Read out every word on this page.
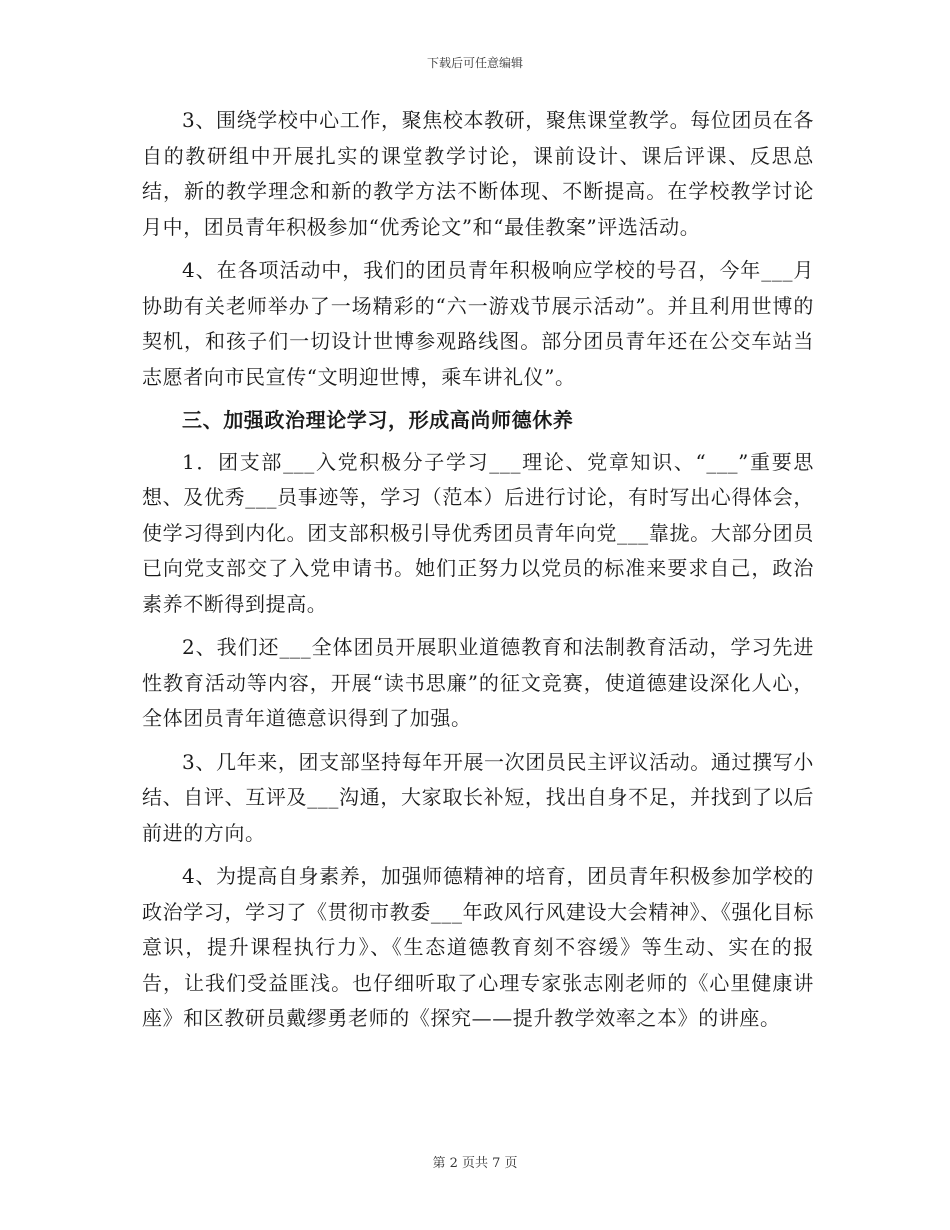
下载后可任意编辑

3、围绕学校中心工作，聚焦校本教研，聚焦课堂教学。每位团员在各自的教研组中开展扎实的课堂教学讨论，课前设计、课后评课、反思总结，新的教学理念和新的教学方法不断体现、不断提高。在学校教学讨论月中，团员青年积极参加“优秀论文”和“最佳教案”评选活动。

4、在各项活动中，我们的团员青年积极响应学校的号召，今年___月协助有关老师举办了一场精彩的“六一游戏节展示活动”。并且利用世博的契机，和孩子们一切设计世博参观路线图。部分团员青年还在公交车站当志愿者向市民宣传“文明迎世博，乘车讲礼仪”。

三、加强政治理论学习，形成高尚师德休养

1．团支部___入党积极分子学习___理论、党章知识、“___”重要思想、及优秀___员事迹等，学习（范本）后进行讨论，有时写出心得体会，使学习得到内化。团支部积极引导优秀团员青年向党___靠拢。大部分团员已向党支部交了入党申请书。她们正努力以党员的标准来要求自己，政治素养不断得到提高。

2、我们还___全体团员开展职业道德教育和法制教育活动，学习先进性教育活动等内容，开展“读书思廉”的征文竞赛，使道德建设深化人心，全体团员青年道德意识得到了加强。

3、几年来，团支部坚持每年开展一次团员民主评议活动。通过撰写小结、自评、互评及___沟通，大家取长补短，找出自身不足，并找到了以后前进的方向。

4、为提高自身素养，加强师德精神的培育，团员青年积极参加学校的政治学习，学习了《贯彻市教委___年政风行风建设大会精神》、《强化目标意识，提升课程执行力》、《生态道德教育刻不容缓》等生动、实在的报告，让我们受益匪浅。也仔细听取了心理专家张志刚老师的《心里健康讲座》和区教研员戴缪勇老师的《探究——提升教学效率之本》的讲座。

第 2 页共 7 页
